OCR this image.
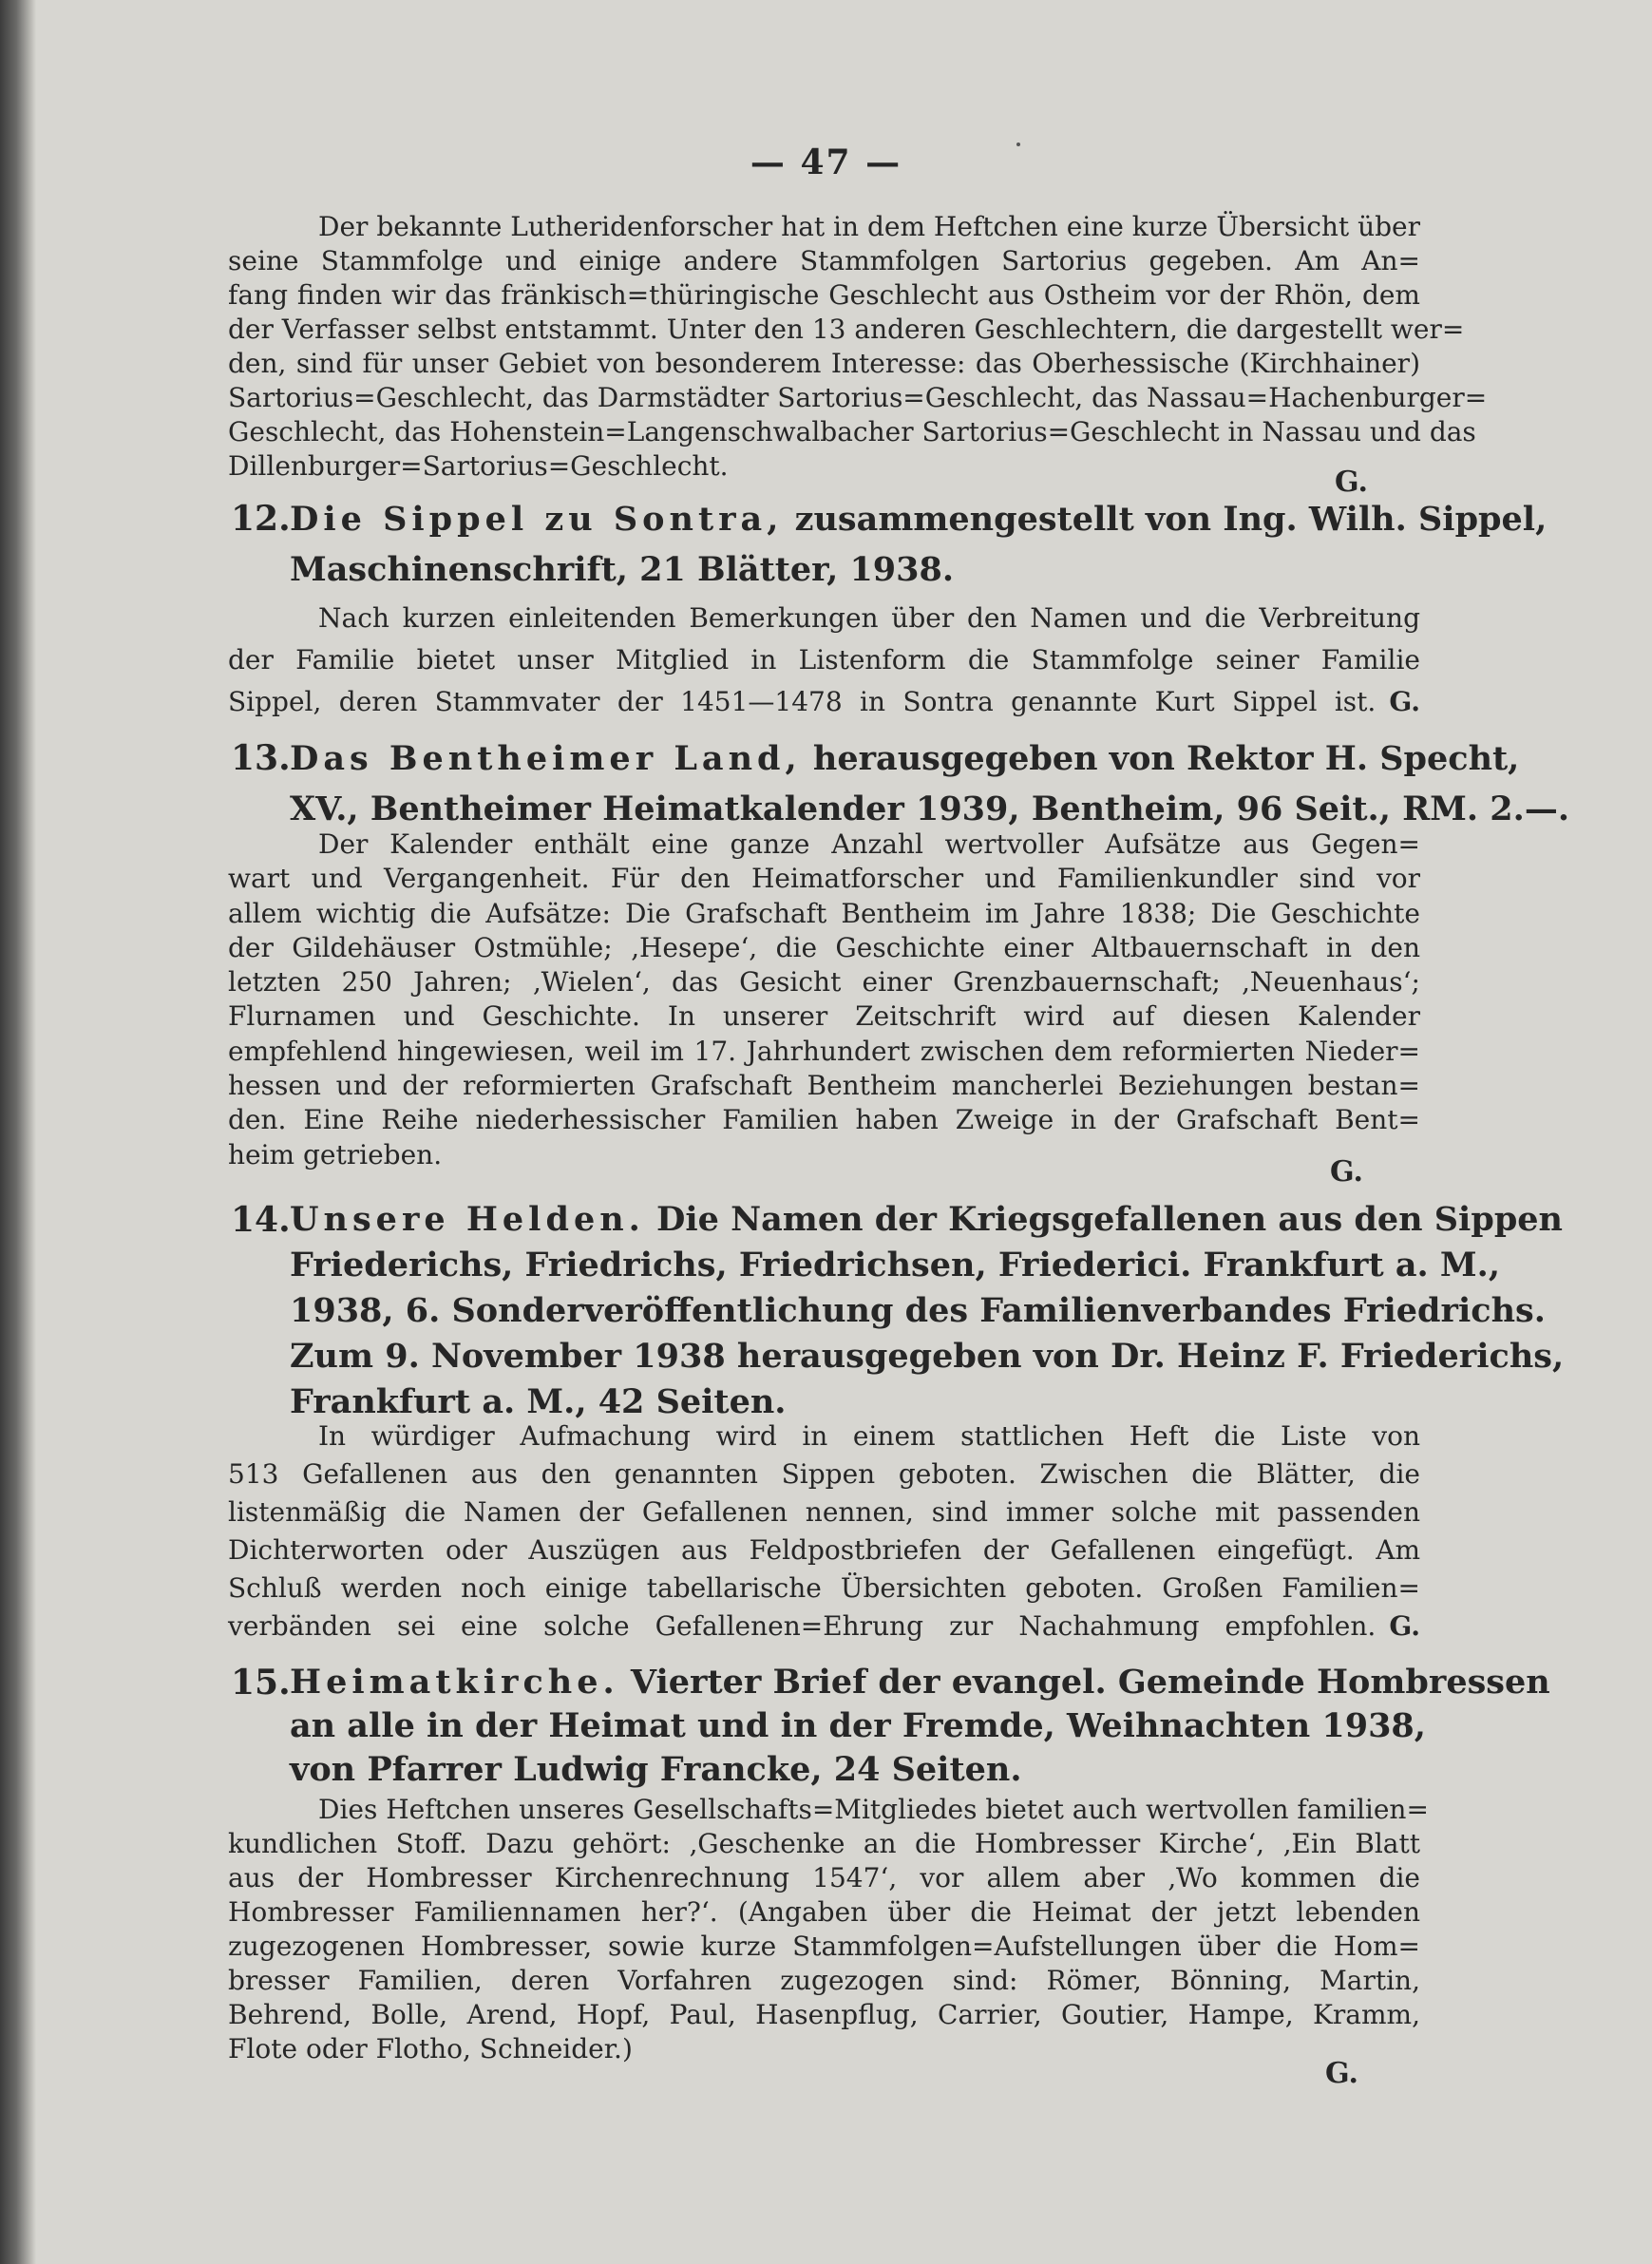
— 47 —
Der bekannte Lutheridenforscher hat in dem Heftchen eine kurze Übersicht über
seine Stammfolge und einige andere Stammfolgen Sartorius gegeben. Am An=
fang finden wir das fränkisch=thüringische Geschlecht aus Ostheim vor der Rhön, dem
der Verfasser selbst entstammt. Unter den 13 anderen Geschlechtern, die dargestellt wer=
den, sind für unser Gebiet von besonderem Interesse: das Oberhessische (Kirchhainer)
Sartorius=Geschlecht, das Darmstädter Sartorius=Geschlecht, das Nassau=Hachenburger=
Geschlecht, das Hohenstein=Langenschwalbacher Sartorius=Geschlecht in Nassau und das
Dillenburger=Sartorius=Geschlecht.	G.
12. Die Sippel zu Sontra, zusammengestellt von Ing. Wilh. Sippel,
Maschinenschrift, 21 Blätter, 1938.
Nach kurzen einleitenden Bemerkungen über den Namen und die Verbreitung
der Familie bietet unser Mitglied in Listenform die Stammfolge seiner Familie
Sippel, deren Stammvater der 1451—1478 in Sontra genannte Kurt Sippel ist. G.
13. Das Bentheimer Land, herausgegeben von Rektor H. Specht,
XV., Bentheimer Heimatkalender 1939, Bentheim, 96 Seit., RM. 2.—.
Der Kalender enthält eine ganze Anzahl wertvoller Aufsätze aus Gegen=
wart und Vergangenheit. Für den Heimatforscher und Familienkundler sind vor
allem wichtig die Aufsätze: Die Grafschaft Bentheim im Jahre 1838; Die Geschichte
der Gildehäuser Ostmühle; ‚Hesepe‘, die Geschichte einer Altbauernschaft in den
letzten 250 Jahren; ‚Wielen‘, das Gesicht einer Grenzbauernschaft; ‚Neuenhaus‘;
Flurnamen und Geschichte. In unserer Zeitschrift wird auf diesen Kalender
empfehlend hingewiesen, weil im 17. Jahrhundert zwischen dem reformierten Nieder=
hessen und der reformierten Grafschaft Bentheim mancherlei Beziehungen bestan=
den. Eine Reihe niederhessischer Familien haben Zweige in der Grafschaft Bent=
heim getrieben.
G.
14. Unsere Helden. Die Namen der Kriegsgefallenen aus den Sippen
Friederichs, Friedrichs, Friedrichsen, Friederici. Frankfurt a. M.,
1938, 6. Sonderveröffentlichung des Familienverbandes Friedrichs.
Zum 9. November 1938 herausgegeben von Dr. Heinz F. Friederichs,
Frankfurt a. M., 42 Seiten.
In würdiger Aufmachung wird in einem stattlichen Heft die Liste von
513 Gefallenen aus den genannten Sippen geboten. Zwischen die Blätter, die
listenmäßig die Namen der Gefallenen nennen, sind immer solche mit passenden
Dichterworten oder Auszügen aus Feldpostbriefen der Gefallenen eingefügt. Am
Schluß werden noch einige tabellarische Übersichten geboten. Großen Familien=
verbänden sei eine solche Gefallenen=Ehrung zur Nachahmung empfohlen. G.
15. Heimatkirche. Vierter Brief der evangel. Gemeinde Hombressen
an alle in der Heimat und in der Fremde, Weihnachten 1938,
von Pfarrer Ludwig Francke, 24 Seiten.
Dies Heftchen unseres Gesellschafts=Mitgliedes bietet auch wertvollen familien=
kundlichen Stoff. Dazu gehört: ‚Geschenke an die Hombresser Kirche‘, ‚Ein Blatt
aus der Hombresser Kirchenrechnung 1547‘, vor allem aber ‚Wo kommen die
Hombresser Familiennamen her?‘. (Angaben über die Heimat der jetzt lebenden
zugezogenen Hombresser, sowie kurze Stammfolgen=Aufstellungen über die Hom=
bresser Familien, deren Vorfahren zugezogen sind: Römer, Bönning, Martin,
Behrend, Bolle, Arend, Hopf, Paul, Hasenpflug, Carrier, Goutier, Hampe, Kramm,
Flote oder Flotho, Schneider.)
G.
